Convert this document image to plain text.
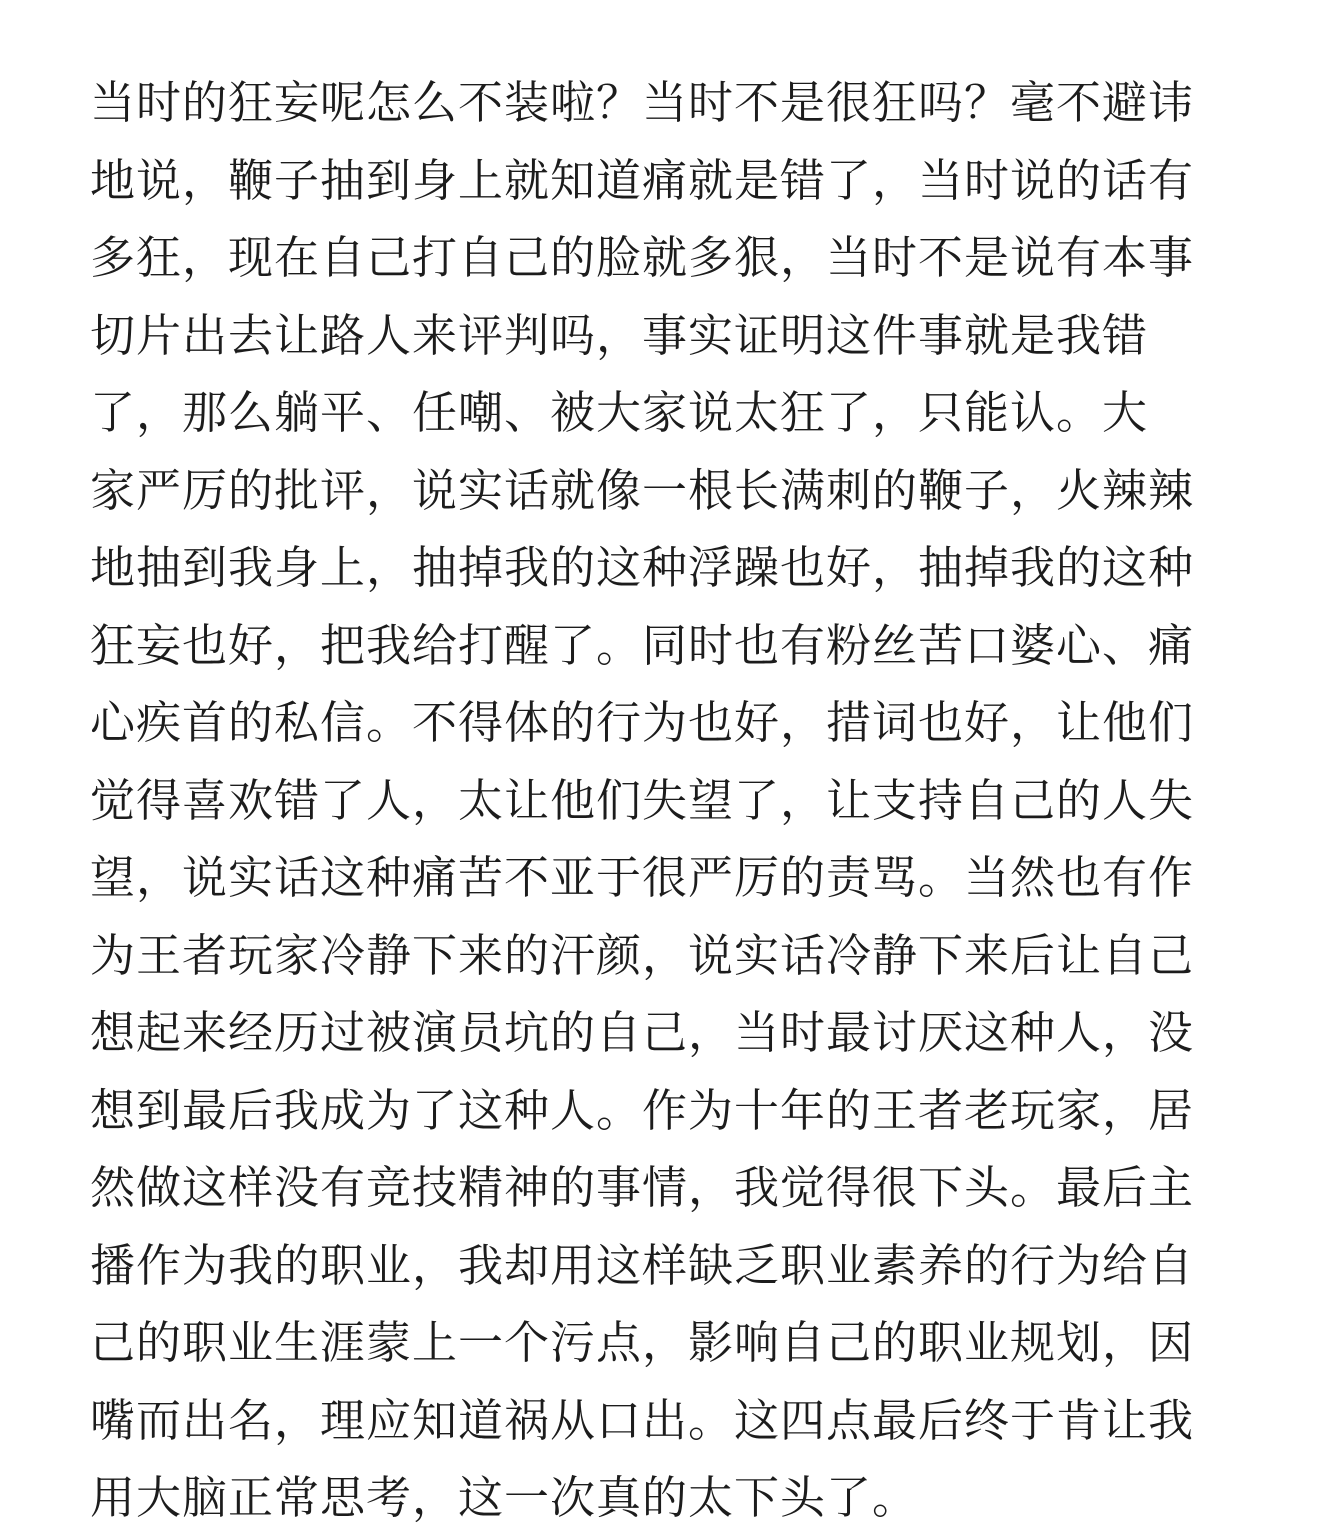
当时的狂妄呢怎么不装啦？当时不是很狂吗？毫不避讳
地说，鞭子抽到身上就知道痛就是错了，当时说的话有
多狂，现在自己打自己的脸就多狠，当时不是说有本事
切片出去让路人来评判吗，事实证明这件事就是我错
了，那么躺平、任嘲、被大家说太狂了，只能认。大
家严厉的批评，说实话就像一根长满刺的鞭子，火辣辣
地抽到我身上，抽掉我的这种浮躁也好，抽掉我的这种
狂妄也好，把我给打醒了。同时也有粉丝苦口婆心、痛
心疾首的私信。不得体的行为也好，措词也好，让他们
觉得喜欢错了人，太让他们失望了，让支持自己的人失
望，说实话这种痛苦不亚于很严厉的责骂。当然也有作
为王者玩家冷静下来的汗颜，说实话冷静下来后让自己
想起来经历过被演员坑的自己，当时最讨厌这种人，没
想到最后我成为了这种人。作为十年的王者老玩家，居
然做这样没有竞技精神的事情，我觉得很下头。最后主
播作为我的职业，我却用这样缺乏职业素养的行为给自
己的职业生涯蒙上一个污点，影响自己的职业规划，因
嘴而出名，理应知道祸从口出。这四点最后终于肯让我
用大脑正常思考，这一次真的太下头了。
